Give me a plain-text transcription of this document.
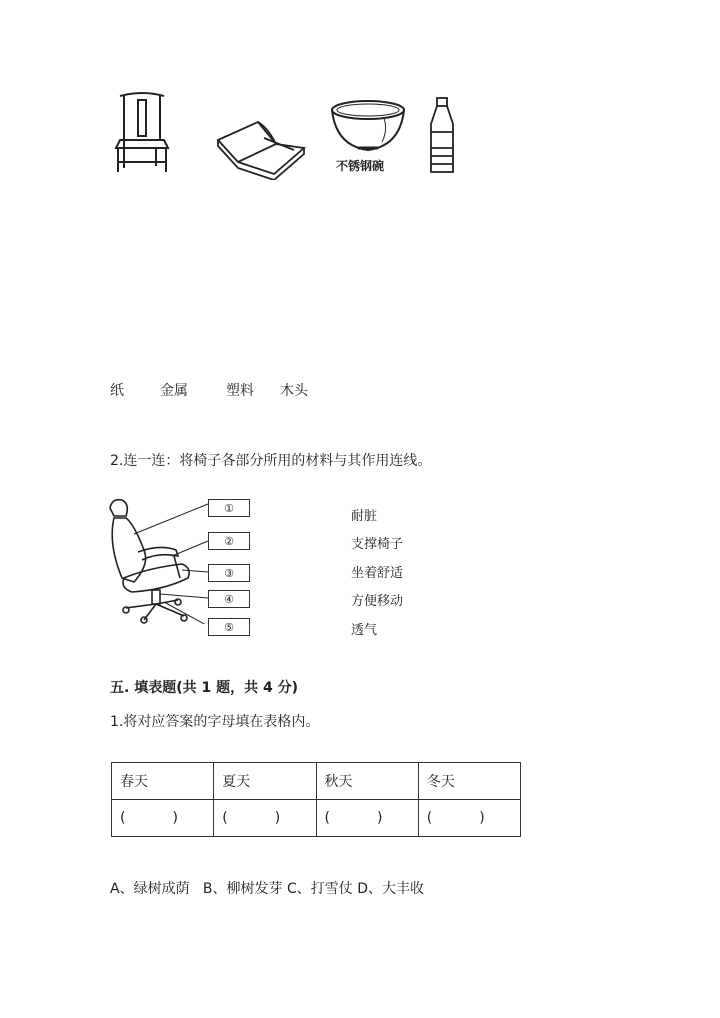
不锈钢碗
纸	金属	塑料 木头
2.连一连：将椅子各部分所用的材料与其作用连线。
①
②
③
④
⑤
耐脏
支撑椅子
坐着舒适
方便移动
透气
五. 填表题(共 1 题，共 4 分)
1.将对应答案的字母填在表格内。
春天	夏天	秋天	冬天

( )	( )	( )	( )
A、绿树成荫   B、柳树发芽 C、打雪仗 D、大丰收
